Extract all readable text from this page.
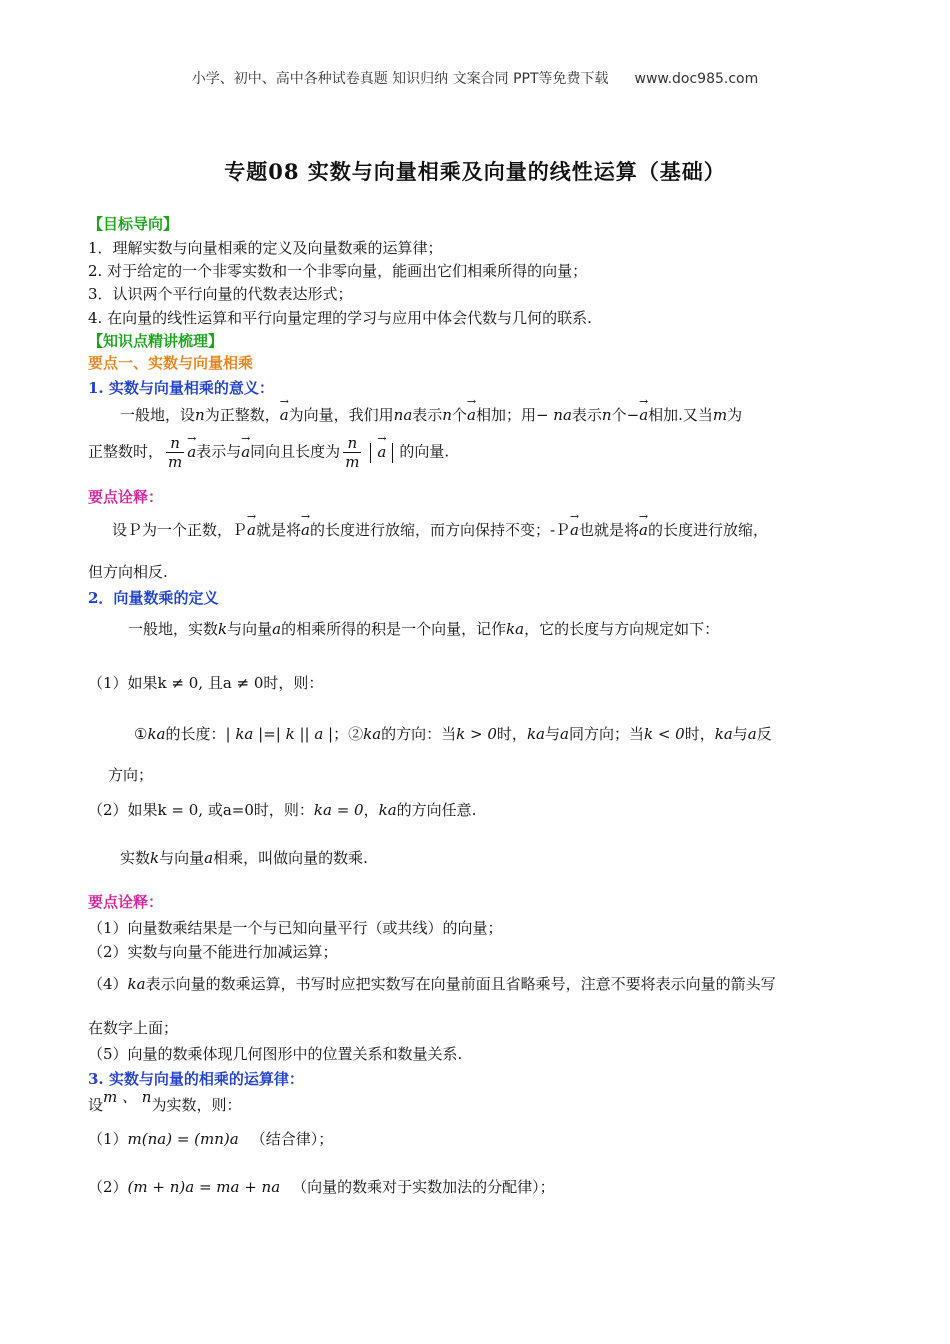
小学、初中、高中各种试卷真题 知识归纳 文案合同 PPT等免费下载 www.doc985.com
专题08 实数与向量相乘及向量的线性运算（基础）
【目标导向】
1．理解实数与向量相乘的定义及向量数乘的运算律；
2. 对于给定的一个非零实数和一个非零向量，能画出它们相乘所得的向量；
3．认识两个平行向量的代数表达形式；
4. 在向量的线性运算和平行向量定理的学习与应用中体会代数与几何的联系.
【知识点精讲梳理】
要点一、实数与向量相乘
1. 实数与向量相乘的意义：
一般地，设n为正整数，→ a为向量，我们用na表示n个→ a相加；用− na表示n个−→ a相加.又当m为
正整数时， $\frac{n}{m}$
→ a表示与→ a同向且长度为 $\frac{n}{m}$
→ a 的向量.
要点诠释：
设Ｐ为一个正数，Ｐ→ a就是将→ a的长度进行放缩，而方向保持不变；-Ｐ→ a也就是将→ a的长度进行放缩，
但方向相反.
2．向量数乘的定义
一般地，实数k与向量a的相乘所得的积是一个向量，记作ka，它的长度与方向规定如下：
（1）如果k ≠ 0, 且a ≠ 0时，则：
①ka的长度：| ka |=| k || a |；②ka的方向：当k > 0时，ka与a同方向；当k < 0时，ka与a反
方向；
（2）如果k = 0, 或a=0时，则：ka = 0，ka的方向任意.
实数k与向量a相乘，叫做向量的数乘.
要点诠释：
（1）向量数乘结果是一个与已知向量平行（或共线）的向量；
（2）实数与向量不能进行加减运算；
（4）ka表示向量的数乘运算，书写时应把实数写在向量前面且省略乘号，注意不要将表示向量的箭头写
在数字上面；
（5）向量的数乘体现几何图形中的位置关系和数量关系.
3. 实数与向量的相乘的运算律：
设m 、 n为实数，则：
（1）m(na) = (mn)a （结合律）；
（2）(m + n)a = ma + na （向量的数乘对于实数加法的分配律）；
